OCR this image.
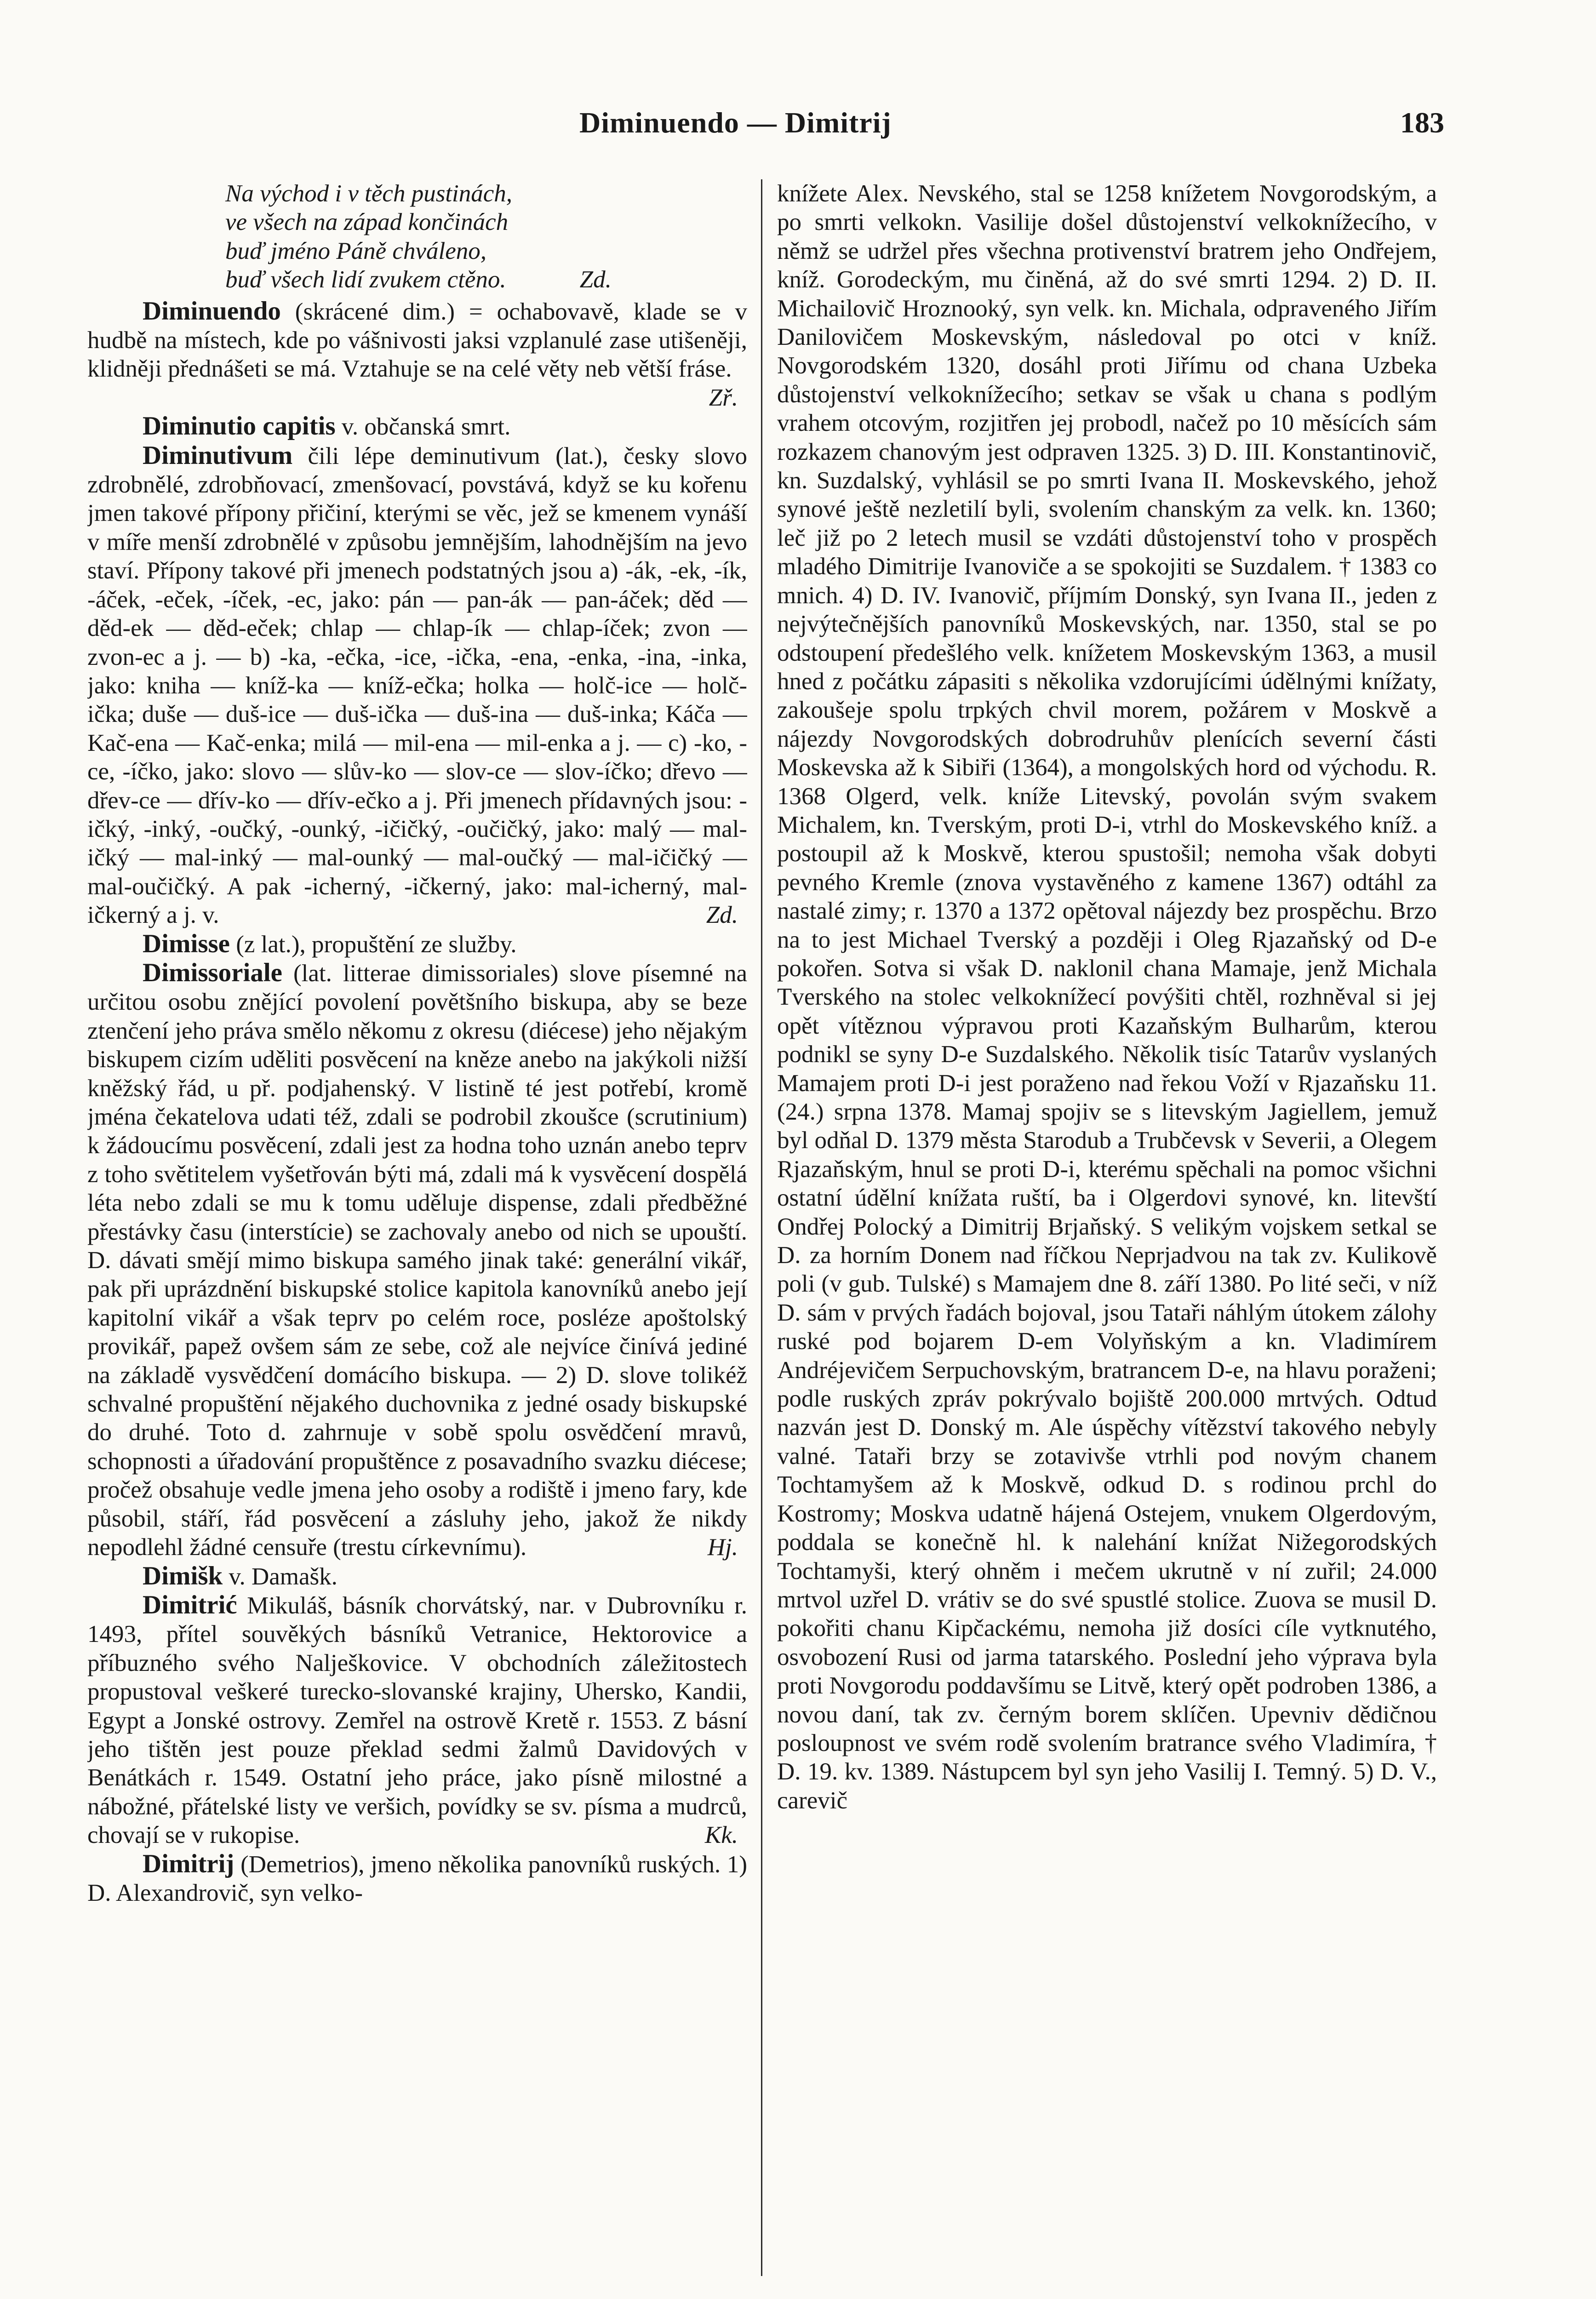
Diminuendo — Dimitrij	183
Na východ i v těch pustinách,
ve všech na západ končinách
buď jméno Páně chváleno,
buď všech lidí zvukem ctěno.	Zd.

Diminuendo (skrácené dim.) = ochabovavě, klade se v hudbě na místech, kde po vášnivosti jaksi vzplanulé zase utišeněji, klidněji přednášeti se má. Vztahuje se na celé věty neb větší fráse.
Zř.

Diminutio capitis v. občanská smrt.

Diminutivum čili lépe deminutivum (lat.), česky slovo zdrobnělé, zdrobňovací, zmenšovací, povstává, když se ku kořenu jmen takové přípony přičiní, kterými se věc, jež se kmenem vynáší v míře menší zdrobnělé v způsobu jemnějším, lahodnějším na jevo staví. Přípony takové při jmenech podstatných jsou a) -ák, -ek, -ík, -áček, -eček, -íček, -ec, jako: pán — pan-ák — pan-áček; děd — děd-ek — děd-eček; chlap — chlap-ík — chlap-íček; zvon — zvon-ec a j. — b) -ka, -ečka, -ice, -ička, -ena, -enka, -ina, -inka, jako: kniha — kníž-ka — kníž-ečka; holka — holč-ice — holč-ička; duše — duš-ice — duš-ička — duš-ina — duš-inka; Káča — Kač-ena — Kač-enka; milá — mil-ena — mil-enka a j. — c) -ko, -ce, -íčko, jako: slovo — slův-ko — slov-ce — slov-íčko; dřevo — dřev-ce — dřív-ko — dřív-ečko a j. Při jmenech přídavných jsou: -ičký, -inký, -oučký, -ounký, -ičičký, -oučičký, jako: malý — mal-ičký — mal-inký — mal-ounký — mal-oučký — mal-ičičký — mal-oučičký. A pak -icherný, -ičkerný, jako: mal-icherný, mal-ičkerný a j. v.	Zd.

Dimisse (z lat.), propuštění ze služby.

Dimissoriale (lat. litterae dimissoriales) slove písemné na určitou osobu znějící povolení povětšního biskupa, aby se beze ztenčení jeho práva smělo někomu z okresu (diécese) jeho nějakým biskupem cizím uděliti posvěcení na kněze anebo na jakýkoli nižší kněžský řád, u př. podjahenský. V listině té jest potřebí, kromě jména čekatelova udati též, zdali se podrobil zkoušce (scrutinium) k žádoucímu posvěcení, zdali jest za hodna toho uznán anebo teprv z toho světitelem vyšetřován býti má, zdali má k vysvěcení dospělá léta nebo zdali se mu k tomu uděluje dispense, zdali předběžné přestávky času (interstície) se zachovaly anebo od nich se upouští. D. dávati smějí mimo biskupa samého jinak také: generální vikář, pak při uprázdnění biskupské stolice kapitola kanovníků anebo její kapitolní vikář a však teprv po celém roce, posléze apoštolský provikář, papež ovšem sám ze sebe, což ale nejvíce činívá jediné na základě vysvědčení domácího biskupa. — 2) D. slove tolikéž schvalné propuštění nějakého duchovnika z jedné osady biskupské do druhé. Toto d. zahrnuje v sobě spolu osvědčení mravů, schopnosti a úřadování propuštěnce z posavadního svazku diécese; pročež obsahuje vedle jmena jeho osoby a rodiště i jmeno fary, kde působil, stáří, řád posvěcení a zásluhy jeho, jakož že nikdy nepodlehl žádné censuře (trestu církevnímu).	Hj.

Dimišk v. Damašk.

Dimitrić Mikuláš, básník chorvátský, nar. v Dubrovníku r. 1493, přítel souvěkých básníků Vetranice, Hektorovice a příbuzného svého Nalješkovice. V obchodních záležitostech propustoval veškeré turecko-slovanské krajiny, Uhersko, Kandii, Egypt a Jonské ostrovy. Zemřel na ostrově Kretě r. 1553. Z básní jeho tištěn jest pouze překlad sedmi žalmů Davidových v Benátkách r. 1549. Ostatní jeho práce, jako písně milostné a nábožné, přátelské listy ve veršich, povídky se sv. písma a mudrců, chovají se v rukopise.	Kk.

Dimitrij (Demetrios), jmeno několika panovníků ruských. 1) D. Alexandrovič, syn velko-

knížete Alex. Nevského, stal se 1258 knížetem Novgorodským, a po smrti velkokn. Vasilije došel důstojenství velkoknížecího, v němž se udržel přes všechna protivenství bratrem jeho Ondřejem, kníž. Gorodeckým, mu činěná, až do své smrti 1294. 2) D. II. Michailovič Hroznooký, syn velk. kn. Michala, odpraveného Jiřím Danilovičem Moskevským, následoval po otci v kníž. Novgorodském 1320, dosáhl proti Jiřímu od chana Uzbeka důstojenství velkoknížecího; setkav se však u chana s podlým vrahem otcovým, rozjitřen jej probodl, načež po 10 měsících sám rozkazem chanovým jest odpraven 1325. 3) D. III. Konstantinovič, kn. Suzdalský, vyhlásil se po smrti Ivana II. Moskevského, jehož synové ještě nezletilí byli, svolením chanským za velk. kn. 1360; leč již po 2 letech musil se vzdáti důstojenství toho v prospěch mladého Dimitrije Ivanoviče a se spokojiti se Suzdalem. † 1383 co mnich. 4) D. IV. Ivanovič, příjmím Donský, syn Ivana II., jeden z nejvýtečnějších panovníků Moskevských, nar. 1350, stal se po odstoupení předešlého velk. knížetem Moskevským 1363, a musil hned z počátku zápasiti s několika vzdorujícími údělnými knížaty, zakoušeje spolu trpkých chvil morem, požárem v Moskvě a nájezdy Novgorodských dobrodruhův plenících severní části Moskevska až k Sibiři (1364), a mongolských hord od východu. R. 1368 Olgerd, velk. kníže Litevský, povolán svým svakem Michalem, kn. Tverským, proti D-i, vtrhl do Moskevského kníž. a postoupil až k Moskvě, kterou spustošil; nemoha však dobyti pevného Kremle (znova vystavěného z kamene 1367) odtáhl za nastalé zimy; r. 1370 a 1372 opětoval nájezdy bez prospěchu. Brzo na to jest Michael Tverský a později i Oleg Rjazaňský od D-e pokořen. Sotva si však D. naklonil chana Mamaje, jenž Michala Tverského na stolec velkoknížecí povýšiti chtěl, rozhněval si jej opět vítěznou výpravou proti Kazaňským Bulharům, kterou podnikl se syny D-e Suzdalského. Několik tisíc Tatarův vyslaných Mamajem proti D-i jest poraženo nad řekou Voží v Rjazaňsku 11. (24.) srpna 1378. Mamaj spojiv se s litevským Jagiellem, jemuž byl odňal D. 1379 města Starodub a Trubčevsk v Severii, a Olegem Rjazaňským, hnul se proti D-i, kterému spěchali na pomoc všichni ostatní údělní knížata ruští, ba i Olgerdovi synové, kn. litevští Ondřej Polocký a Dimitrij Brjaňský. S velikým vojskem setkal se D. za horním Donem nad říčkou Neprjadvou na tak zv. Kulikově poli (v gub. Tulské) s Mamajem dne 8. září 1380. Po lité seči, v níž D. sám v prvých řadách bojoval, jsou Tataři náhlým útokem zálohy ruské pod bojarem D-em Volyňským a kn. Vladimírem Andréjevičem Serpuchovským, bratrancem D-e, na hlavu poraženi; podle ruských zpráv pokrývalo bojiště 200.000 mrtvých. Odtud nazván jest D. Donský m. Ale úspěchy vítězství takového nebyly valné. Tataři brzy se zotavivše vtrhli pod novým chanem Tochtamyšem až k Moskvě, odkud D. s rodinou prchl do Kostromy; Moskva udatně hájená Ostejem, vnukem Olgerdovým, poddala se konečně hl. k nalehání knížat Nižegorodských Tochtamyši, který ohněm i mečem ukrutně v ní zuřil; 24.000 mrtvol uzřel D. vrátiv se do své spustlé stolice. Zuova se musil D. pokořiti chanu Kipčackému, nemoha již dosíci cíle vytknutého, osvobození Rusi od jarma tatarského. Poslední jeho výprava byla proti Novgorodu poddavšímu se Litvě, který opět podroben 1386, a novou daní, tak zv. černým borem sklíčen. Upevniv dědičnou posloupnost ve svém rodě svolením bratrance svého Vladimíra, † D. 19. kv. 1389. Nástupcem byl syn jeho Vasilij I. Temný. 5) D. V., carevič
